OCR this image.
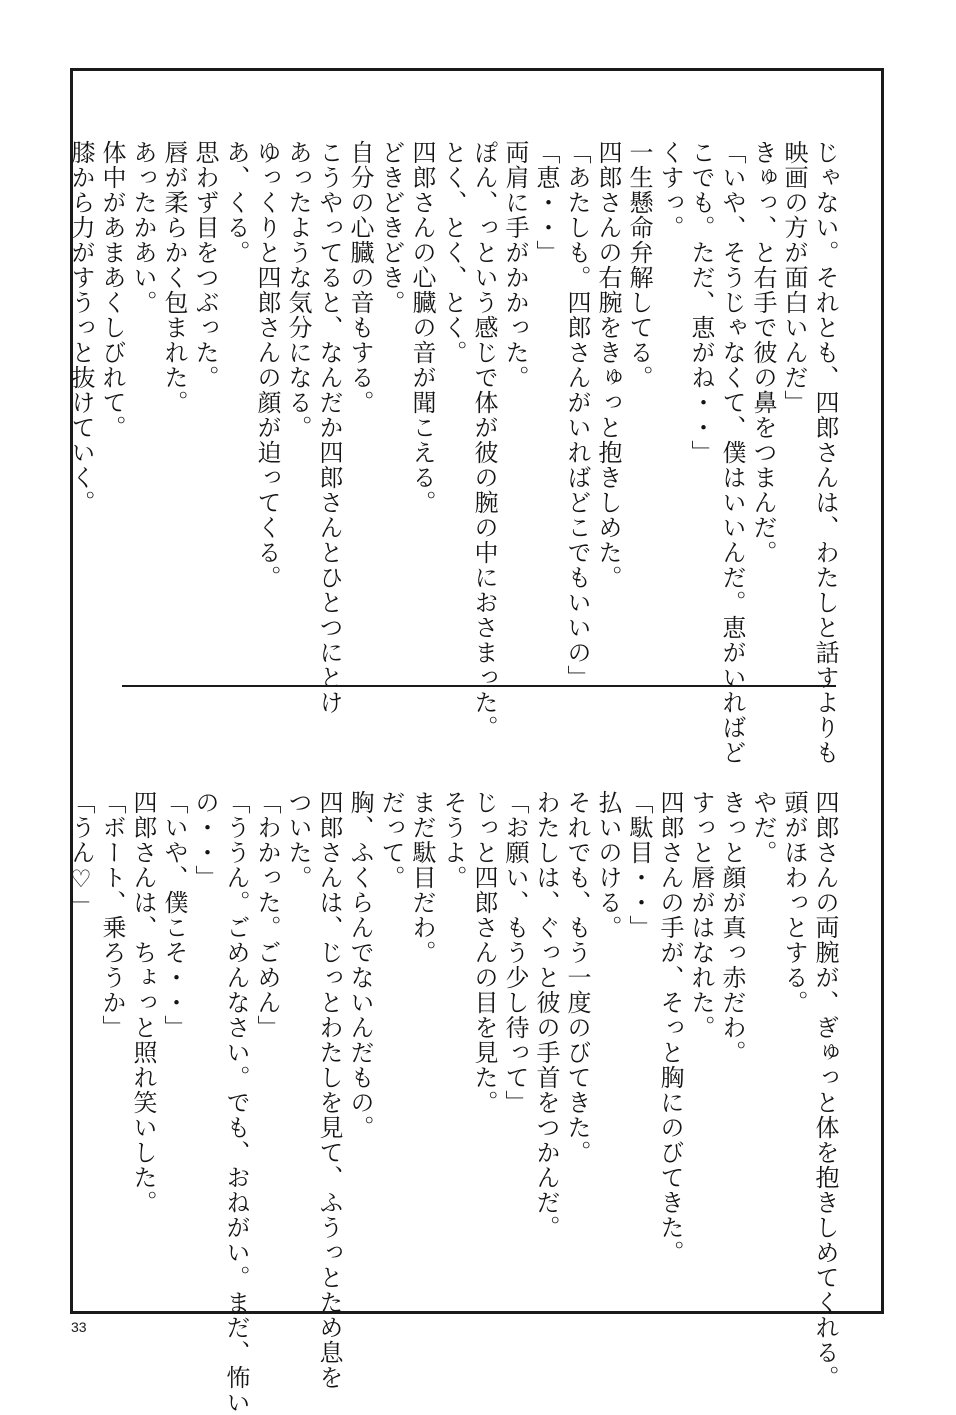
じゃない。それとも、四郎さんは、わたしと話すよりも
映画の方が面白いんだ」
きゅっ、と右手で彼の鼻をつまんだ。
「いや、そうじゃなくて、僕はいいんだ。恵がいればど
こでも。ただ、恵がね・・」
くすっ。
一生懸命弁解してる。
四郎さんの右腕をきゅっと抱きしめた。
「あたしも。四郎さんがいればどこでもいいの」
「恵・・」
両肩に手がかかった。
ぽん、っという感じで体が彼の腕の中におさまった。
とく、とく、とく。
四郎さんの心臓の音が聞こえる。
どきどきどき。
自分の心臓の音もする。
こうやってると、なんだか四郎さんとひとつにとけ
あったような気分になる。
ゆっくりと四郎さんの顔が迫ってくる。
あ、くる。
思わず目をつぶった。
唇が柔らかく包まれた。
あったかあい。
体中があまあくしびれて。
膝から力がすうっと抜けていく。
四郎さんの両腕が、ぎゅっと体を抱きしめてくれる。
頭がほわっとする。
やだ。
きっと顔が真っ赤だわ。
すっと唇がはなれた。
四郎さんの手が、そっと胸にのびてきた。
「駄目・・」
払いのける。
それでも、もう一度のびてきた。
わたしは、ぐっと彼の手首をつかんだ。
「お願い、もう少し待って」
じっと四郎さんの目を見た。
そうよ。
まだ駄目だわ。
だって。
胸、ふくらんでないんだもの。
四郎さんは、じっとわたしを見て、ふうっとため息を
ついた。
「わかった。ごめん」
「ううん。ごめんなさい。でも、おねがい。まだ、怖い
の・・」
「いや、僕こそ・・」
四郎さんは、ちょっと照れ笑いした。
「ボート、乗ろうか」
「うん♡」
33
